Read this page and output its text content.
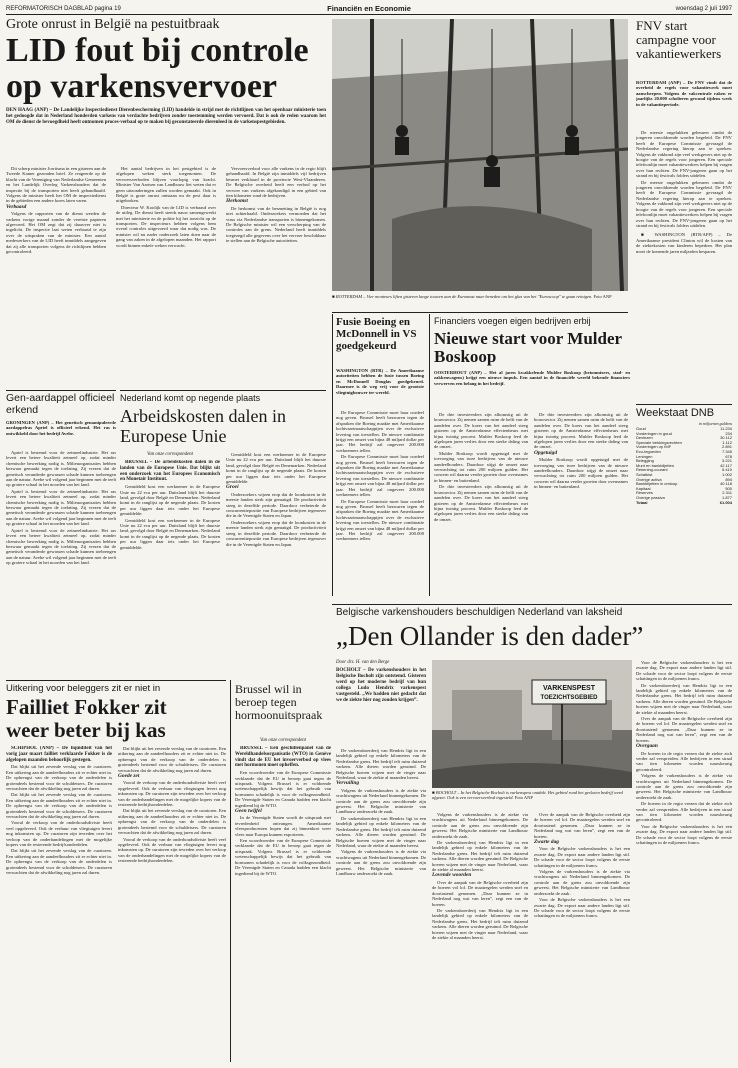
REFORMATORISCH DAGBLAD pagina 19	Financiën en Economie	woensdag 2 juli 1997
Grote onrust in België na pestuitbraak
LID fout bij controle
op varkensvervoer
DEN HAAG (ANP) – De Landelijke Inspectiedienst Dierenbescherming (LID) handelde in strijd met de richtlijnen van het openbaar ministerie toen het gedoogde dat in Nederland honderden varkens van verdachte bedrijven zonder toestemming werden vervoerd. Dat is ook de reden waarom het OM de dienst de bevoegdheid heeft ontnomen proces-verbaal op te maken bij geconstateerde dierenleed in de varkenspestgebieden.

Dit scherp minister Jorritsma in een gisteren aan de Tweede Kamer gezonden brief. Ze reageerde op de klacht van de Vereniging van Nederlandse Gemeenten en het Landelijk Overleg Varkenshouders dat de inspectie bij de transporten niet heeft gehandhaafd. Volgens de minister heeft het OM de inspectiedienst in de gebieden een andere koers laten varen.

Verbaasd

Volgens de rapporten van de dienst werden de varkens vorige maand zonder de vereiste papieren afgevoerd. Het OM zegt dat zij daarover niet is ingelicht. De inspectie laat weten verbaasd te zijn over de uitspraken van de minister. Een aantal medewerkers van de LID heeft inmiddels aangegeven dat zij alle transporten volgens de richtlijnen hebben gecontroleerd.

Het aantal bedrijven in het pestgebied is de afgelopen weken sterk toegenomen. De vervoersverboden blijven voorlopig van kracht. Minister Van Aartsen van Landbouw liet weten dat er geen uitzonderingen zullen worden gemaakt. Ook in België is grote onrust ontstaan nu de pest daar is uitgebroken.

Directeur W. Koolijk van de LID is verbaasd over de uitleg. De dienst heeft steeds nauw samengewerkt met het ministerie en de politie bij het toezicht op de transporten. De inspecteurs hebben volgens hem overal controles uitgevoerd waar dat nodig was. De minister wil nu nader onderzoek laten doen naar de gang van zaken in de afgelopen maanden. Het rapport wordt binnen enkele weken verwacht.

Vervoersverbod voor alle varkens in de regio blijft gehandhaafd. In België zijn inmiddels vijf bedrijven besmet verklaard in de provincie West-Vlaanderen. De Belgische overheid heeft een verbod op het vervoer van varkens afgekondigd in een gebied van tien kilometer rond de bedrijven.

Herkomst

De herkomst van de besmetting in België is nog niet achterhaald. Onderzoekers vermoeden dat het virus via Nederlandse transporten is binnengekomen. De Belgische minister wil een verscherping van de controles aan de grens. Nederland heeft inmiddels toegezegd alle gegevens over het vervoer beschikbaar te stellen aan de Belgische autoriteiten.

■ ROTTERDAM – Vier monteurs liften gisteren lange touwen aan de Euromast naar beneden om het glas van het "Euroscoop" te gaan reinigen. Foto ANP
FNV start campagne voor vakantiewerkers
ROTTERDAM (ANP) – De FNV vindt dat de overheid de regels voor vakantiewerk moet aanscherpen. Volgens de vakcentrale raken er jaarlijks 20.000 scholieren gewond tijdens werk in de vakantieperiode.

De meeste ongelukken gebeuren omdat de jongeren onvoldoende worden begeleid. De FNV heeft de Europese Commissie gevraagd de Nederlandse regering hierop aan te spreken. Volgens de vakbond zijn veel werkgevers niet op de hoogte van de regels voor jongeren. Een speciale telefoonlijn moet vakantiewerkers helpen bij vragen over hun rechten. De FNV-jongeren gaan op het strand en bij festivals folders uitdelen.

De meeste ongelukken gebeuren omdat de jongeren onvoldoende worden begeleid. De FNV heeft de Europese Commissie gevraagd de Nederlandse regering hierop aan te spreken. Volgens de vakbond zijn veel werkgevers niet op de hoogte van de regels voor jongeren. Een speciale telefoonlijn moet vakantiewerkers helpen bij vragen over hun rechten. De FNV-jongeren gaan op het strand en bij festivals folders uitdelen.

■ WASHINGTON (RTR/AFP) – De Amerikaanse president Clinton wil de kosten van de ziektekosten van kinderen beperken. Het plan moet de komende jaren miljarden besparen.

Weekstaat DNB
in miljoenen guldens
Goud	11.234
Vorderingen in goud	234
Deviezen	30.112
Speciale trekkingsrechten	1.112
Vorderingen op IMF	2.891
Ecu-tegoeden	7.345
Leningen	678
Belegging	3.221
Munt en bankbiljetten	42.117
Rekening-courant	5.410
Schatkist	1.002
Overige activa	894
Bankbiljetten in omloop	40.118
Kapitaal	500
Reserves	2.311
Overige passiva	1.877
Totaal	61.004
Fusie Boeing en McDonnell in VS goedgekeurd
WASHINGTON (RTR) – De Amerikaanse autoriteiten hebben de fusie tussen Boeing en McDonnell Douglas goedgekeurd. Daarmee is de weg vrij voor de grootste vliegtuigbouwer ter wereld.

De Europese Commissie moet haar oordeel nog geven. Brussel heeft bezwaren tegen de afspraken die Boeing maakte met Amerikaanse luchtvaartmaatschappijen over de exclusieve levering van toestellen. De nieuwe combinatie krijgt een omzet van bijna 48 miljard dollar per jaar. Het bedrijf zal ongeveer 200.000 werknemers tellen.

De Europese Commissie moet haar oordeel nog geven. Brussel heeft bezwaren tegen de afspraken die Boeing maakte met Amerikaanse luchtvaartmaatschappijen over de exclusieve levering van toestellen. De nieuwe combinatie krijgt een omzet van bijna 48 miljard dollar per jaar. Het bedrijf zal ongeveer 200.000 werknemers tellen.

De Europese Commissie moet haar oordeel nog geven. Brussel heeft bezwaren tegen de afspraken die Boeing maakte met Amerikaanse luchtvaartmaatschappijen over de exclusieve levering van toestellen. De nieuwe combinatie krijgt een omzet van bijna 48 miljard dollar per jaar. Het bedrijf zal ongeveer 200.000 werknemers tellen.

Financiers voegen eigen bedrijven erbij
Nieuwe start voor Mulder Boskoop
OOSTERHOUT (ANP) – Het al jaren kwakkelende Mulder Boskoop (betonmixers, stad- en zakkenwagens) krijgt een nieuwe impuls. Een aantal in de financiële wereld bekende financiers verwerven een belang in het bedrijf.

De drie investeerders zijn afkomstig uit de bouwsector. Zij nemen samen ruim de helft van de aandelen over. De koers van het aandeel steeg gisteren op de Amsterdamse effectenbeurs met bijna twintig procent. Mulder Boskoop leed de afgelopen jaren verlies door een sterke daling van de omzet.

Mulder Boskoop wordt opgetuigd met de toevoeging van twee bedrijven van de nieuwe aandeelhouders. Daardoor stijgt de omzet naar verwachting tot ruim 200 miljoen gulden. Het concern wil daarna verder groeien door overnames in binnen- en buitenland.

De drie investeerders zijn afkomstig uit de bouwsector. Zij nemen samen ruim de helft van de aandelen over. De koers van het aandeel steeg gisteren op de Amsterdamse effectenbeurs met bijna twintig procent. Mulder Boskoop leed de afgelopen jaren verlies door een sterke daling van de omzet.

De drie investeerders zijn afkomstig uit de bouwsector. Zij nemen samen ruim de helft van de aandelen over. De koers van het aandeel steeg gisteren op de Amsterdamse effectenbeurs met bijna twintig procent. Mulder Boskoop leed de afgelopen jaren verlies door een sterke daling van de omzet.

Opgetuigd

Mulder Boskoop wordt opgetuigd met de toevoeging van twee bedrijven van de nieuwe aandeelhouders. Daardoor stijgt de omzet naar verwachting tot ruim 200 miljoen gulden. Het concern wil daarna verder groeien door overnames in binnen- en buitenland.

Gen-aardappel officieel erkend
GRONINGEN (ANP) – Het genetisch gemanipuleerde aardappelras Apriel is officieel erkend. Het ras is ontwikkeld door het bedrijf Avebe.

Apriel is bestemd voor de zetmeelindustrie. Het ras levert een betere kwaliteit zetmeel op, zodat minder chemische bewerking nodig is. Milieuorganisaties hebben bezwaar gemaakt tegen de toelating. Zij vrezen dat de genetisch veranderde gewassen schade kunnen toebrengen aan de natuur. Avebe wil volgend jaar beginnen met de teelt op grotere schaal in het noorden van het land.

Apriel is bestemd voor de zetmeelindustrie. Het ras levert een betere kwaliteit zetmeel op, zodat minder chemische bewerking nodig is. Milieuorganisaties hebben bezwaar gemaakt tegen de toelating. Zij vrezen dat de genetisch veranderde gewassen schade kunnen toebrengen aan de natuur. Avebe wil volgend jaar beginnen met de teelt op grotere schaal in het noorden van het land.

Apriel is bestemd voor de zetmeelindustrie. Het ras levert een betere kwaliteit zetmeel op, zodat minder chemische bewerking nodig is. Milieuorganisaties hebben bezwaar gemaakt tegen de toelating. Zij vrezen dat de genetisch veranderde gewassen schade kunnen toebrengen aan de natuur. Avebe wil volgend jaar beginnen met de teelt op grotere schaal in het noorden van het land.

Nederland komt op negende plaats
Arbeidskosten dalen in Europese Unie
Van onze correspondent

BRUSSEL – De arbeidskosten dalen in de landen van de Europese Unie. Dat blijkt uit een onderzoek van het Europees Economisch en Monetair Instituut.

Gemiddeld kost een werknemer in de Europese Unie nu 22 ecu per uur. Duitsland blijft het duurste land, gevolgd door België en Denemarken. Nederland komt in de ranglijst op de negende plaats. De kosten per uur liggen daar iets onder het Europese gemiddelde.

Gemiddeld kost een werknemer in de Europese Unie nu 22 ecu per uur. Duitsland blijft het duurste land, gevolgd door België en Denemarken. Nederland komt in de ranglijst op de negende plaats. De kosten per uur liggen daar iets onder het Europese gemiddelde.

Gemiddeld kost een werknemer in de Europese Unie nu 22 ecu per uur. Duitsland blijft het duurste land, gevolgd door België en Denemarken. Nederland komt in de ranglijst op de negende plaats. De kosten per uur liggen daar iets onder het Europese gemiddelde.

Groei

Onderzoekers wijzen erop dat de loonkosten in de meeste landen sterk zijn gematigd. De productiviteit steeg in dezelfde periode. Daardoor verbeterde de concurrentiepositie van Europese bedrijven tegenover die in de Verenigde Staten en Japan.

Onderzoekers wijzen erop dat de loonkosten in de meeste landen sterk zijn gematigd. De productiviteit steeg in dezelfde periode. Daardoor verbeterde de concurrentiepositie van Europese bedrijven tegenover die in de Verenigde Staten en Japan.

Uitkering voor beleggers zit er niet in
Failliet Fokker zit
weer beter bij kas

SCHIPHOL (ANP) – De liquiditeit van het vorig jaar maart failliet verklaarde Fokker is de afgelopen maanden behoorlijk gestegen.

Dat blijkt uit het zevende verslag van de curatoren. Een uitkering aan de aandeelhouders zit er echter niet in. De opbrengst van de verkoop van de onderdelen is grotendeels bestemd voor de schuldeisers. De curatoren verwachten dat de afwikkeling nog jaren zal duren.

Dat blijkt uit het zevende verslag van de curatoren. Een uitkering aan de aandeelhouders zit er echter niet in. De opbrengst van de verkoop van de onderdelen is grotendeels bestemd voor de schuldeisers. De curatoren verwachten dat de afwikkeling nog jaren zal duren.

Vooral de verkoop van de onderhoudsdivisie heeft veel opgeleverd. Ook de verhuur van vliegtuigen levert nog inkomsten op. De curatoren zijn tevreden over het verloop van de onderhandelingen met de mogelijke kopers van de resterende bedrijfsonderdelen.

Dat blijkt uit het zevende verslag van de curatoren. Een uitkering aan de aandeelhouders zit er echter niet in. De opbrengst van de verkoop van de onderdelen is grotendeels bestemd voor de schuldeisers. De curatoren verwachten dat de afwikkeling nog jaren zal duren.

Dat blijkt uit het zevende verslag van de curatoren. Een uitkering aan de aandeelhouders zit er echter niet in. De opbrengst van de verkoop van de onderdelen is grotendeels bestemd voor de schuldeisers. De curatoren verwachten dat de afwikkeling nog jaren zal duren.

Goede zet

Vooral de verkoop van de onderhoudsdivisie heeft veel opgeleverd. Ook de verhuur van vliegtuigen levert nog inkomsten op. De curatoren zijn tevreden over het verloop van de onderhandelingen met de mogelijke kopers van de resterende bedrijfsonderdelen.

Dat blijkt uit het zevende verslag van de curatoren. Een uitkering aan de aandeelhouders zit er echter niet in. De opbrengst van de verkoop van de onderdelen is grotendeels bestemd voor de schuldeisers. De curatoren verwachten dat de afwikkeling nog jaren zal duren.

Vooral de verkoop van de onderhoudsdivisie heeft veel opgeleverd. Ook de verhuur van vliegtuigen levert nog inkomsten op. De curatoren zijn tevreden over het verloop van de onderhandelingen met de mogelijke kopers van de resterende bedrijfsonderdelen.

Brussel wil in beroep tegen hormoonuitspraak
Van onze correspondent

BRUSSEL – Een geschillenpanel van de Wereldhandelsorganisatie (WTO) in Genève vindt dat de EU het invoerverbod op vlees met hormonen moet opheffen.

Een woordvoerder van de Europese Commissie verklaarde dat de EU in beroep gaat tegen de uitspraak. Volgens Brussel is er voldoende wetenschappelijk bewijs dat het gebruik van hormonen schadelijk is voor de volksgezondheid. De Verenigde Staten en Canada hadden een klacht ingediend bij de WTO.

Geen twijfel

In de Verenigde Staten wordt de uitspraak met tevredenheid ontvangen. Amerikaanse vleesproducenten hopen dat zij binnenkort weer vlees naar Europa kunnen exporteren.

Een woordvoerder van de Europese Commissie verklaarde dat de EU in beroep gaat tegen de uitspraak. Volgens Brussel is er voldoende wetenschappelijk bewijs dat het gebruik van hormonen schadelijk is voor de volksgezondheid. De Verenigde Staten en Canada hadden een klacht ingediend bij de WTO.

Belgische varkenshouders beschuldigen Nederland van laksheid
„Den Ollander is den dader”
Door drs. H. van den Berge
BOCHOLT – De varkenshouders in het Belgische Bocholt zijn ontstemd. Gisteren werd op het moderne bedrijf van hun collega Ludo Hendrix varkenspest vastgesteld. „We hadden niet gedacht dat we de ziekte hier nog zouden krijgen”.
VARKENSPEST
TOEZICHTSGEBIED
■ BOCHOLT – In het Belgische Bocholt is varkenspest ontdekt. Het gebied rond het gesloten bedrijf werd afgezet. Ook is een vervoersverbod ingesteld. Foto ANP

De varkensboerderij van Hendrix ligt in een landelijk gebied op enkele kilometers van de Nederlandse grens. Het bedrijf telt ruim duizend varkens. Alle dieren worden geruimd. De Belgische boeren wijzen met de vinger naar Nederland, waar de ziekte al maanden heerst.

Vervuiling

Volgens de varkenshouders is de ziekte via vrachtwagens uit Nederland binnengekomen. De controle aan de grens zou onvoldoende zijn geweest. Het Belgische ministerie van Landbouw onderzoekt de zaak.

De varkensboerderij van Hendrix ligt in een landelijk gebied op enkele kilometers van de Nederlandse grens. Het bedrijf telt ruim duizend varkens. Alle dieren worden geruimd. De Belgische boeren wijzen met de vinger naar Nederland, waar de ziekte al maanden heerst.

Volgens de varkenshouders is de ziekte via vrachtwagens uit Nederland binnengekomen. De controle aan de grens zou onvoldoende zijn geweest. Het Belgische ministerie van Landbouw onderzoekt de zaak.

Volgens de varkenshouders is de ziekte via vrachtwagens uit Nederland binnengekomen. De controle aan de grens zou onvoldoende zijn geweest. Het Belgische ministerie van Landbouw onderzoekt de zaak.

De varkensboerderij van Hendrix ligt in een landelijk gebied op enkele kilometers van de Nederlandse grens. Het bedrijf telt ruim duizend varkens. Alle dieren worden geruimd. De Belgische boeren wijzen met de vinger naar Nederland, waar de ziekte al maanden heerst.

Lovende woorden

Over de aanpak van de Belgische overheid zijn de boeren vol lof. De maatregelen werden snel en doortastend genomen. „Daar kunnen ze in Nederland nog wat van leren”, zegt een van de boeren.

De varkensboerderij van Hendrix ligt in een landelijk gebied op enkele kilometers van de Nederlandse grens. Het bedrijf telt ruim duizend varkens. Alle dieren worden geruimd. De Belgische boeren wijzen met de vinger naar Nederland, waar de ziekte al maanden heerst.

Over de aanpak van de Belgische overheid zijn de boeren vol lof. De maatregelen werden snel en doortastend genomen. „Daar kunnen ze in Nederland nog wat van leren”, zegt een van de boeren.

Zwarte dag

Voor de Belgische varkenshouders is het een zwarte dag. De export naar andere landen ligt stil. De schade voor de sector loopt volgens de eerste schattingen in de miljoenen francs.

Volgens de varkenshouders is de ziekte via vrachtwagens uit Nederland binnengekomen. De controle aan de grens zou onvoldoende zijn geweest. Het Belgische ministerie van Landbouw onderzoekt de zaak.

Voor de Belgische varkenshouders is het een zwarte dag. De export naar andere landen ligt stil. De schade voor de sector loopt volgens de eerste schattingen in de miljoenen francs.

Voor de Belgische varkenshouders is het een zwarte dag. De export naar andere landen ligt stil. De schade voor de sector loopt volgens de eerste schattingen in de miljoenen francs.

De varkensboerderij van Hendrix ligt in een landelijk gebied op enkele kilometers van de Nederlandse grens. Het bedrijf telt ruim duizend varkens. Alle dieren worden geruimd. De Belgische boeren wijzen met de vinger naar Nederland, waar de ziekte al maanden heerst.

Over de aanpak van de Belgische overheid zijn de boeren vol lof. De maatregelen werden snel en doortastend genomen. „Daar kunnen ze in Nederland nog wat van leren”, zegt een van de boeren.

Overgaan

De boeren in de regio vrezen dat de ziekte zich verder zal verspreiden. Alle bedrijven in een straal van tien kilometer worden nauwkeurig gecontroleerd.

Volgens de varkenshouders is de ziekte via vrachtwagens uit Nederland binnengekomen. De controle aan de grens zou onvoldoende zijn geweest. Het Belgische ministerie van Landbouw onderzoekt de zaak.

De boeren in de regio vrezen dat de ziekte zich verder zal verspreiden. Alle bedrijven in een straal van tien kilometer worden nauwkeurig gecontroleerd.

Voor de Belgische varkenshouders is het een zwarte dag. De export naar andere landen ligt stil. De schade voor de sector loopt volgens de eerste schattingen in de miljoenen francs.
